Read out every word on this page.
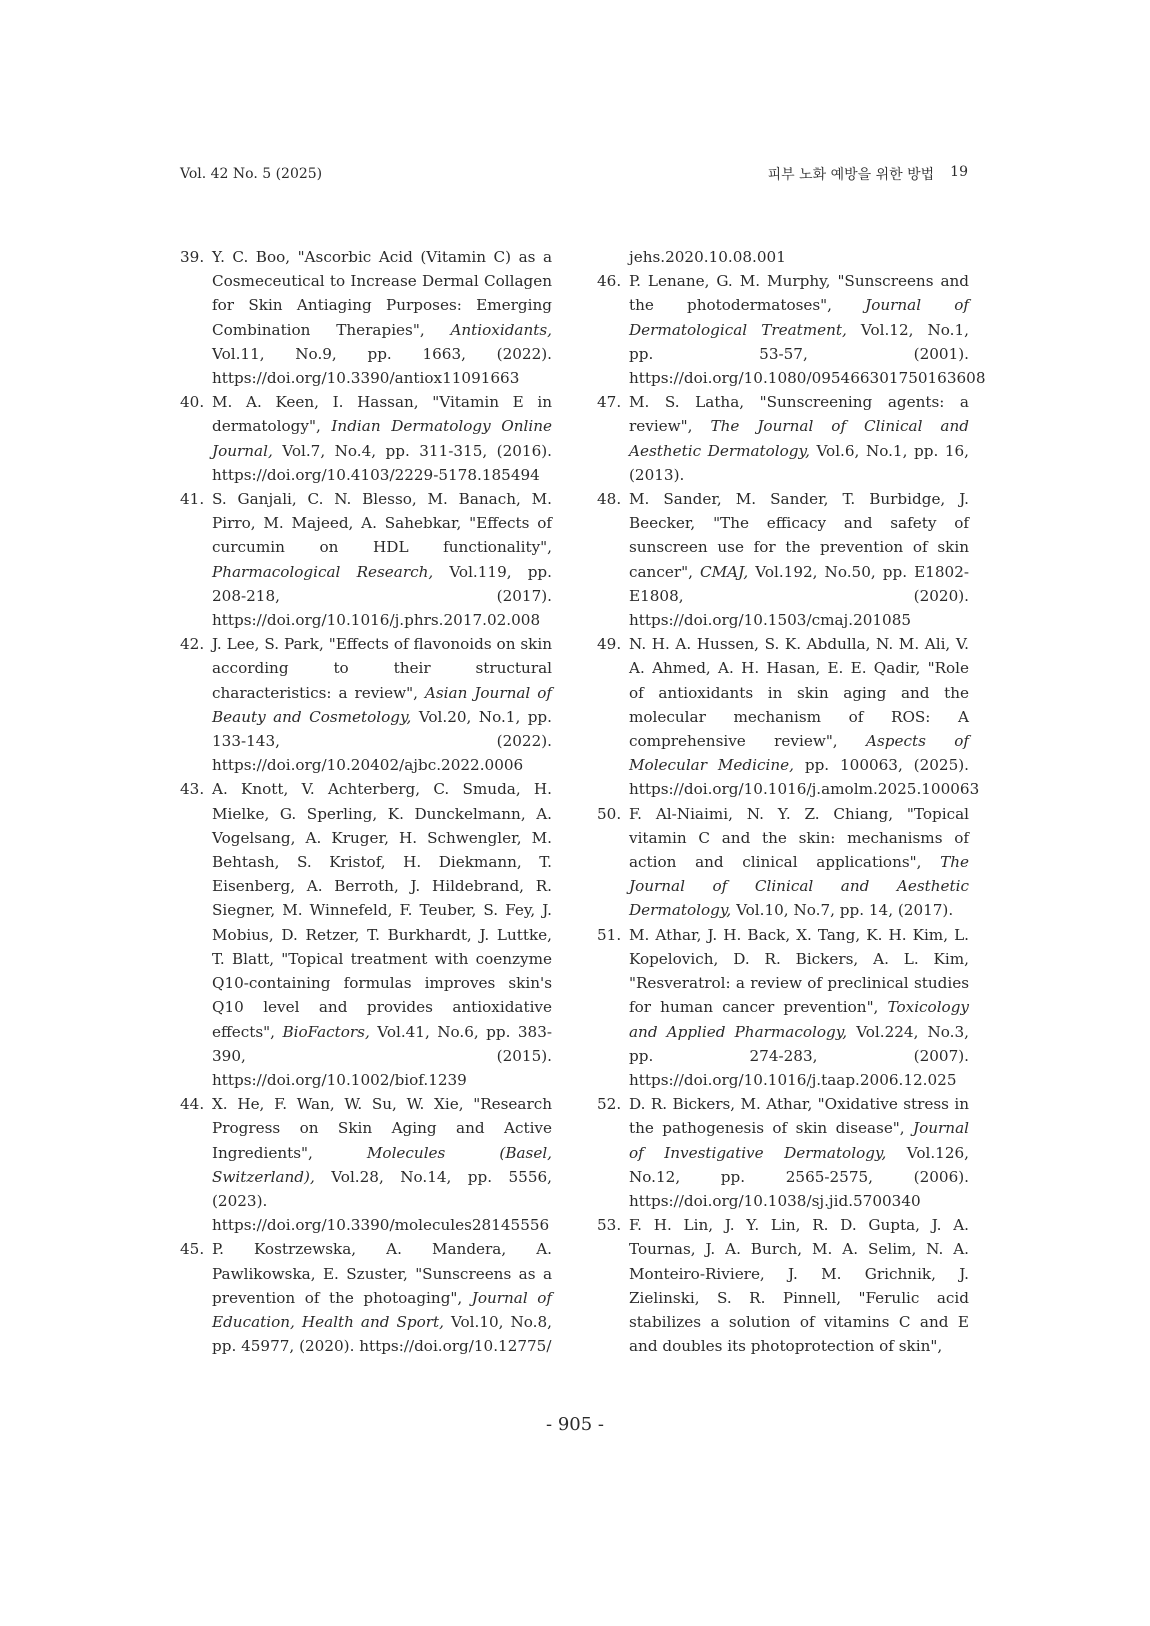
Vol. 42 No. 5 (2025)	피부 노화 예방을 위한 방법 19
39. Y. C. Boo, "Ascorbic Acid (Vitamin C) as a Cosmeceutical to Increase Dermal Collagen for Skin Antiaging Purposes: Emerging Combination Therapies", Antioxidants, Vol.11, No.9, pp. 1663, (2022). https://doi.org/10.3390/antiox11091663
40. M. A. Keen, I. Hassan, "Vitamin E in dermatology", Indian Dermatology Online Journal, Vol.7, No.4, pp. 311-315, (2016). https://doi.org/10.4103/2229-5178.185494
41. S. Ganjali, C. N. Blesso, M. Banach, M. Pirro, M. Majeed, A. Sahebkar, "Effects of curcumin on HDL functionality", Pharmacological Research, Vol.119, pp. 208-218, (2017). https://doi.org/10.1016/j.phrs.2017.02.008
42. J. Lee, S. Park, "Effects of flavonoids on skin according to their structural characteristics: a review", Asian Journal of Beauty and Cosmetology, Vol.20, No.1, pp. 133-143, (2022). https://doi.org/10.20402/ajbc.2022.0006
43. A. Knott, V. Achterberg, C. Smuda, H. Mielke, G. Sperling, K. Dunckelmann, A. Vogelsang, A. Kruger, H. Schwengler, M. Behtash, S. Kristof, H. Diekmann, T. Eisenberg, A. Berroth, J. Hildebrand, R. Siegner, M. Winnefeld, F. Teuber, S. Fey, J. Mobius, D. Retzer, T. Burkhardt, J. Luttke, T. Blatt, "Topical treatment with coenzyme Q10-containing formulas improves skin's Q10 level and provides antioxidative effects", BioFactors, Vol.41, No.6, pp. 383-390, (2015). https://doi.org/10.1002/biof.1239
44. X. He, F. Wan, W. Su, W. Xie, "Research Progress on Skin Aging and Active Ingredients", Molecules (Basel, Switzerland), Vol.28, No.14, pp. 5556, (2023). https://doi.org/10.3390/molecules28145556
45. P. Kostrzewska, A. Mandera, A. Pawlikowska, E. Szuster, "Sunscreens as a prevention of the photoaging", Journal of Education, Health and Sport, Vol.10, No.8, pp. 45977, (2020). https://doi.org/10.12775/
jehs.2020.10.08.001
46. P. Lenane, G. M. Murphy, "Sunscreens and the photodermatoses", Journal of Dermatological Treatment, Vol.12, No.1, pp. 53-57, (2001). https://doi.org/10.1080/095466301750163608
47. M. S. Latha, "Sunscreening agents: a review", The Journal of Clinical and Aesthetic Dermatology, Vol.6, No.1, pp. 16, (2013).
48. M. Sander, M. Sander, T. Burbidge, J. Beecker, "The efficacy and safety of sunscreen use for the prevention of skin cancer", CMAJ, Vol.192, No.50, pp. E1802-E1808, (2020). https://doi.org/10.1503/cmaj.201085
49. N. H. A. Hussen, S. K. Abdulla, N. M. Ali, V. A. Ahmed, A. H. Hasan, E. E. Qadir, "Role of antioxidants in skin aging and the molecular mechanism of ROS: A comprehensive review", Aspects of Molecular Medicine, pp. 100063, (2025). https://doi.org/10.1016/j.amolm.2025.100063
50. F. Al-Niaimi, N. Y. Z. Chiang, "Topical vitamin C and the skin: mechanisms of action and clinical applications", The Journal of Clinical and Aesthetic Dermatology, Vol.10, No.7, pp. 14, (2017).
51. M. Athar, J. H. Back, X. Tang, K. H. Kim, L. Kopelovich, D. R. Bickers, A. L. Kim, "Resveratrol: a review of preclinical studies for human cancer prevention", Toxicology and Applied Pharmacology, Vol.224, No.3, pp. 274-283, (2007). https://doi.org/10.1016/j.taap.2006.12.025
52. D. R. Bickers, M. Athar, "Oxidative stress in the pathogenesis of skin disease", Journal of Investigative Dermatology, Vol.126, No.12, pp. 2565-2575, (2006). https://doi.org/10.1038/sj.jid.5700340
53. F. H. Lin, J. Y. Lin, R. D. Gupta, J. A. Tournas, J. A. Burch, M. A. Selim, N. A. Monteiro-Riviere, J. M. Grichnik, J. Zielinski, S. R. Pinnell, "Ferulic acid stabilizes a solution of vitamins C and E and doubles its photoprotection of skin",
- 905 -
